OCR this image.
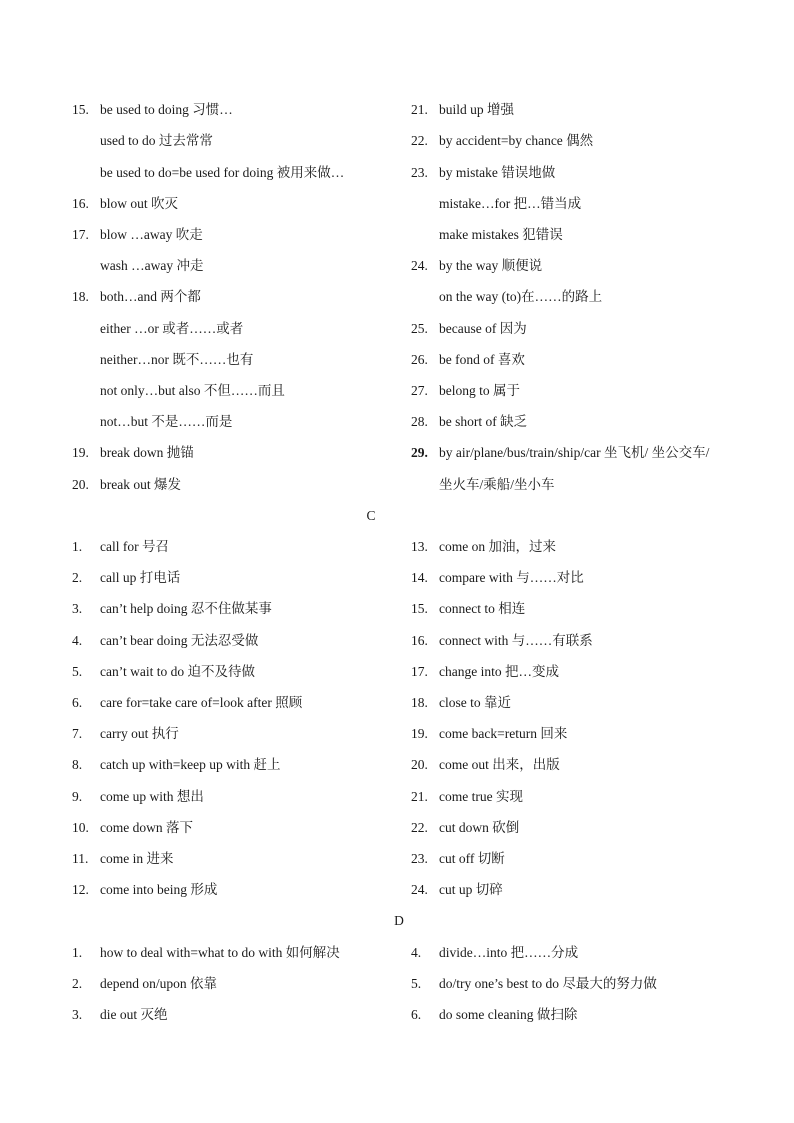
15. be used to doing 习惯…	21. build up 增强
used to do 过去常常	22. by accident=by chance 偶然
be used to do=be used for doing 被用来做…	23. by mistake 错误地做
16. blow out 吹灭	mistake…for 把…错当成
17. blow …away 吹走	make mistakes 犯错误
wash …away 冲走	24. by the way 顺便说
18. both…and 两个都	on the way (to)在……的路上
either …or 或者……或者	25. because of 因为
neither…nor 既不……也有	26. be fond of 喜欢
not only…but also 不但……而且	27. belong to 属于
not…but 不是……而是	28. be short of 缺乏
19. break down 抛锚	29. by air/plane/bus/train/ship/car 坐飞机/ 坐公交车/
20. break out 爆发	坐火车/乘船/坐小车
C
1.	call for 号召	13. come on 加油，过来
2.	call up 打电话	14. compare with 与……对比
3.	can’t help doing 忍不住做某事	15. connect to 相连
4.	can’t bear doing 无法忍受做	16. connect with 与……有联系
5.	can’t wait to do 迫不及待做	17. change into 把…变成
6.	care for=take care of=look after 照顾	18. close to 靠近
7.	carry out 执行	19. come back=return 回来
8.	catch up with=keep up with 赶上	20. come out 出来，出版
9.	come up with 想出	21. come true 实现
10. come down 落下	22. cut down 砍倒
11. come in 进来	23. cut off 切断
12. come into being 形成	24. cut up 切碎
D
1.	how to deal with=what to do with 如何解决	4.	divide…into 把……分成
2.	depend on/upon 依靠	5.	do/try one’s best to do 尽最大的努力做
3.	die out 灭绝	6.	do some cleaning 做扫除
